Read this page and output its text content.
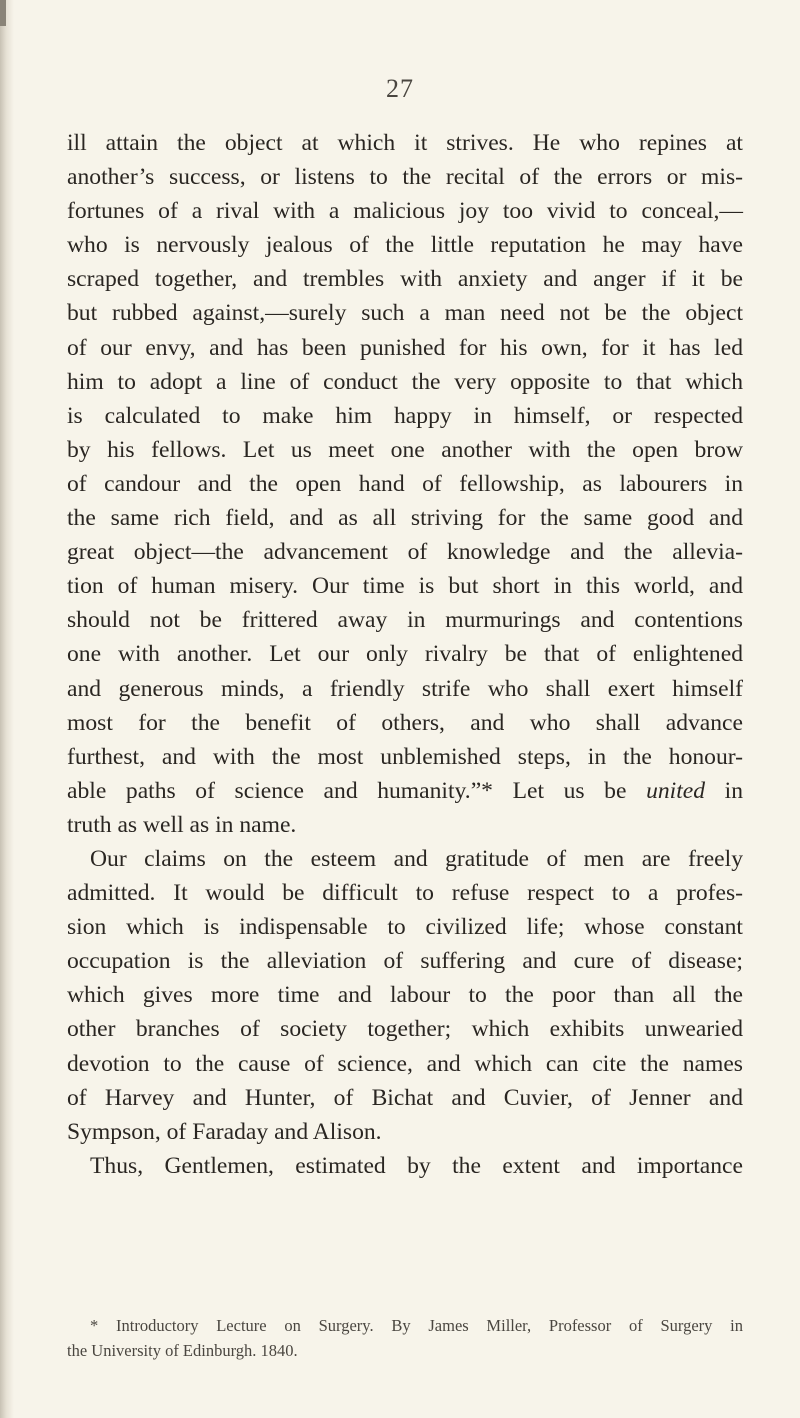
27
ill attain the object at which it strives. He who repines at
another’s success, or listens to the recital of the errors or mis-
fortunes of a rival with a malicious joy too vivid to conceal,—
who is nervously jealous of the little reputation he may have
scraped together, and trembles with anxiety and anger if it be
but rubbed against,—surely such a man need not be the object
of our envy, and has been punished for his own, for it has led
him to adopt a line of conduct the very opposite to that which
is calculated to make him happy in himself, or respected
by his fellows. Let us meet one another with the open brow
of candour and the open hand of fellowship, as labourers in
the same rich field, and as all striving for the same good and
great object—the advancement of knowledge and the allevia-
tion of human misery. Our time is but short in this world, and
should not be frittered away in murmurings and contentions
one with another. Let our only rivalry be that of enlightened
and generous minds, a friendly strife who shall exert himself
most for the benefit of others, and who shall advance
furthest, and with the most unblemished steps, in the honour-
able paths of science and humanity.”* Let us be united in
truth as well as in name.
Our claims on the esteem and gratitude of men are freely
admitted. It would be difficult to refuse respect to a profes-
sion which is indispensable to civilized life; whose constant
occupation is the alleviation of suffering and cure of disease;
which gives more time and labour to the poor than all the
other branches of society together; which exhibits unwearied
devotion to the cause of science, and which can cite the names
of Harvey and Hunter, of Bichat and Cuvier, of Jenner and
Sympson, of Faraday and Alison.
Thus, Gentlemen, estimated by the extent and importance
* Introductory Lecture on Surgery. By James Miller, Professor of Surgery in
the University of Edinburgh. 1840.
